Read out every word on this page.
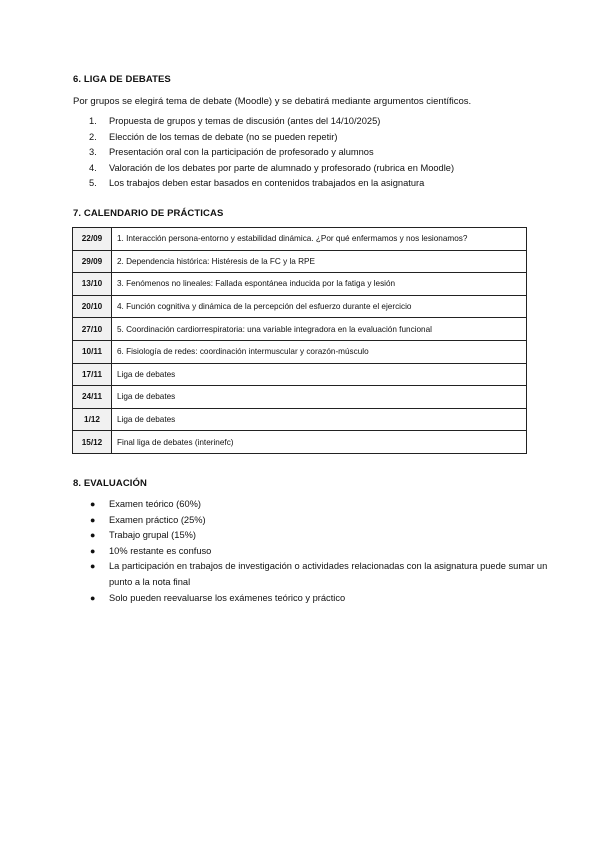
6. LIGA DE DEBATES
Por grupos se elegirá tema de debate (Moodle) y se debatirá mediante argumentos científicos.
1.	Propuesta de grupos y temas de discusión (antes del 14/10/2025)
2.	Elección de los temas de debate (no se pueden repetir)
3.	Presentación oral con la participación de profesorado y alumnos
4.	Valoración de los debates por parte de alumnado y profesorado (rubrica en Moodle)
5.	Los trabajos deben estar basados en contenidos trabajados en la asignatura
7. CALENDARIO DE PRÁCTICAS
22/09	1. Interacción persona-entorno y estabilidad dinámica. ¿Por qué enfermamos y nos lesionamos?
29/09	2. Dependencia histórica: Histéresis de la FC y la RPE
13/10	3. Fenómenos no lineales: Fallada espontánea inducida por la fatiga y lesión
20/10	4. Función cognitiva y dinámica de la percepción del esfuerzo durante el ejercicio
27/10	5. Coordinación cardiorrespiratoria: una variable integradora en la evaluación funcional
10/11	6. Fisiología de redes: coordinación intermuscular y corazón-músculo
17/11	Liga de debates
24/11	Liga de debates
1/12	Liga de debates
15/12	Final liga de debates (interinefc)
8. EVALUACIÓN
● Examen teórico (60%)
● Examen práctico (25%)
● Trabajo grupal (15%)
● 10% restante es confuso
● La participación en trabajos de investigación o actividades relacionadas con la asignatura puede sumar un punto a la nota final
● Solo pueden reevaluarse los exámenes teórico y práctico
